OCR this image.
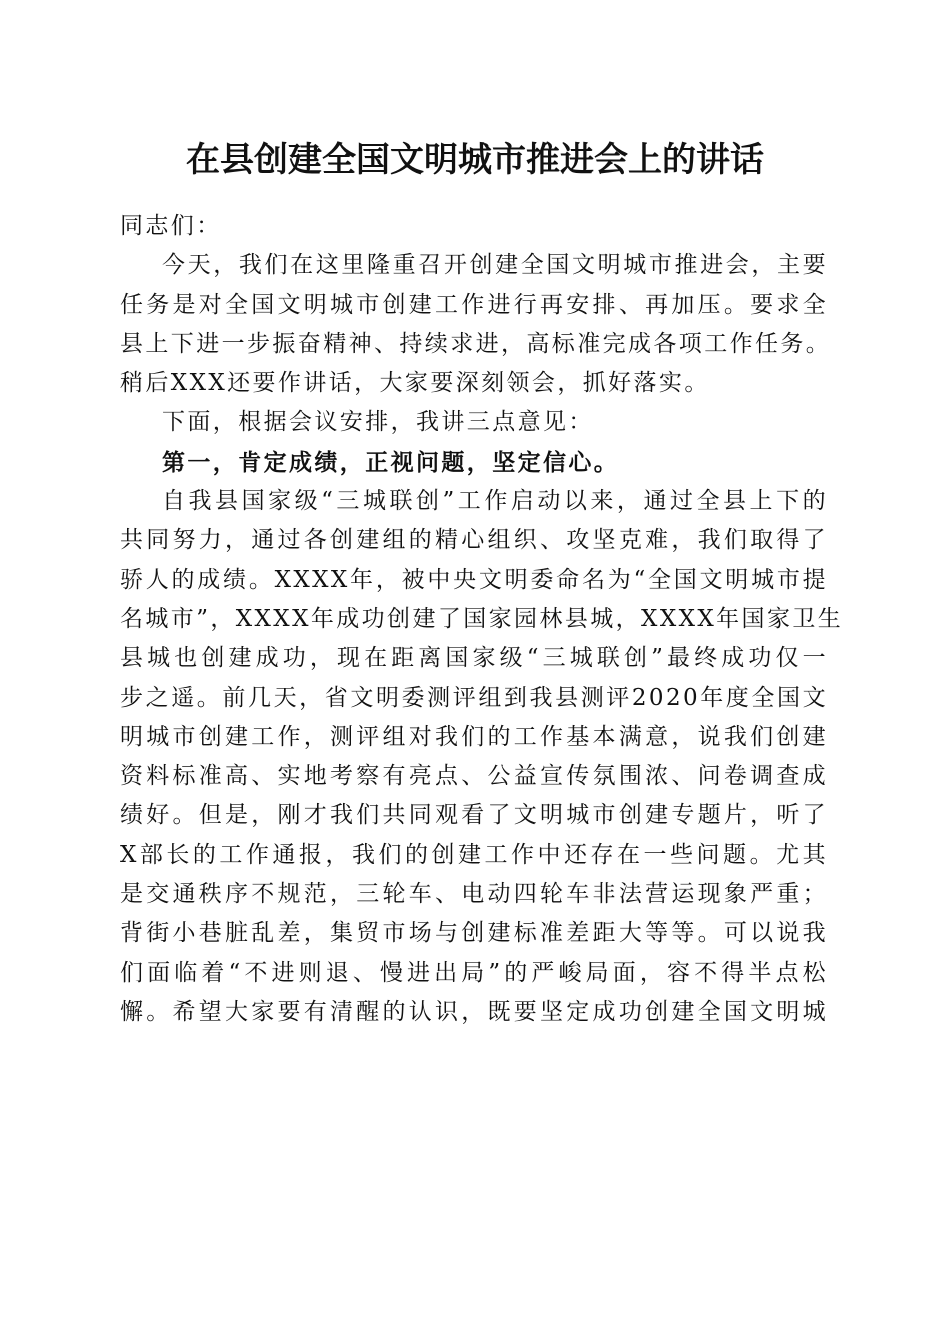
在县创建全国文明城市推进会上的讲话
同志们：
今天，我们在这里隆重召开创建全国文明城市推进会，主要
任务是对全国文明城市创建工作进行再安排、再加压。要求全
县上下进一步振奋精神、持续求进，高标准完成各项工作任务。
稍后XXX还要作讲话，大家要深刻领会，抓好落实。
下面，根据会议安排，我讲三点意见：
第一，肯定成绩，正视问题，坚定信心。
自我县国家级“三城联创”工作启动以来，通过全县上下的
共同努力，通过各创建组的精心组织、攻坚克难，我们取得了
骄人的成绩。XXXX年，被中央文明委命名为“全国文明城市提
名城市”，XXXX年成功创建了国家园林县城，XXXX年国家卫生
县城也创建成功，现在距离国家级“三城联创”最终成功仅一
步之遥。前几天，省文明委测评组到我县测评2020年度全国文
明城市创建工作，测评组对我们的工作基本满意，说我们创建
资料标准高、实地考察有亮点、公益宣传氛围浓、问卷调查成
绩好。但是，刚才我们共同观看了文明城市创建专题片，听了
X部长的工作通报，我们的创建工作中还存在一些问题。尤其
是交通秩序不规范，三轮车、电动四轮车非法营运现象严重；
背街小巷脏乱差，集贸市场与创建标准差距大等等。可以说我
们面临着“不进则退、慢进出局”的严峻局面，容不得半点松
懈。希望大家要有清醒的认识，既要坚定成功创建全国文明城
